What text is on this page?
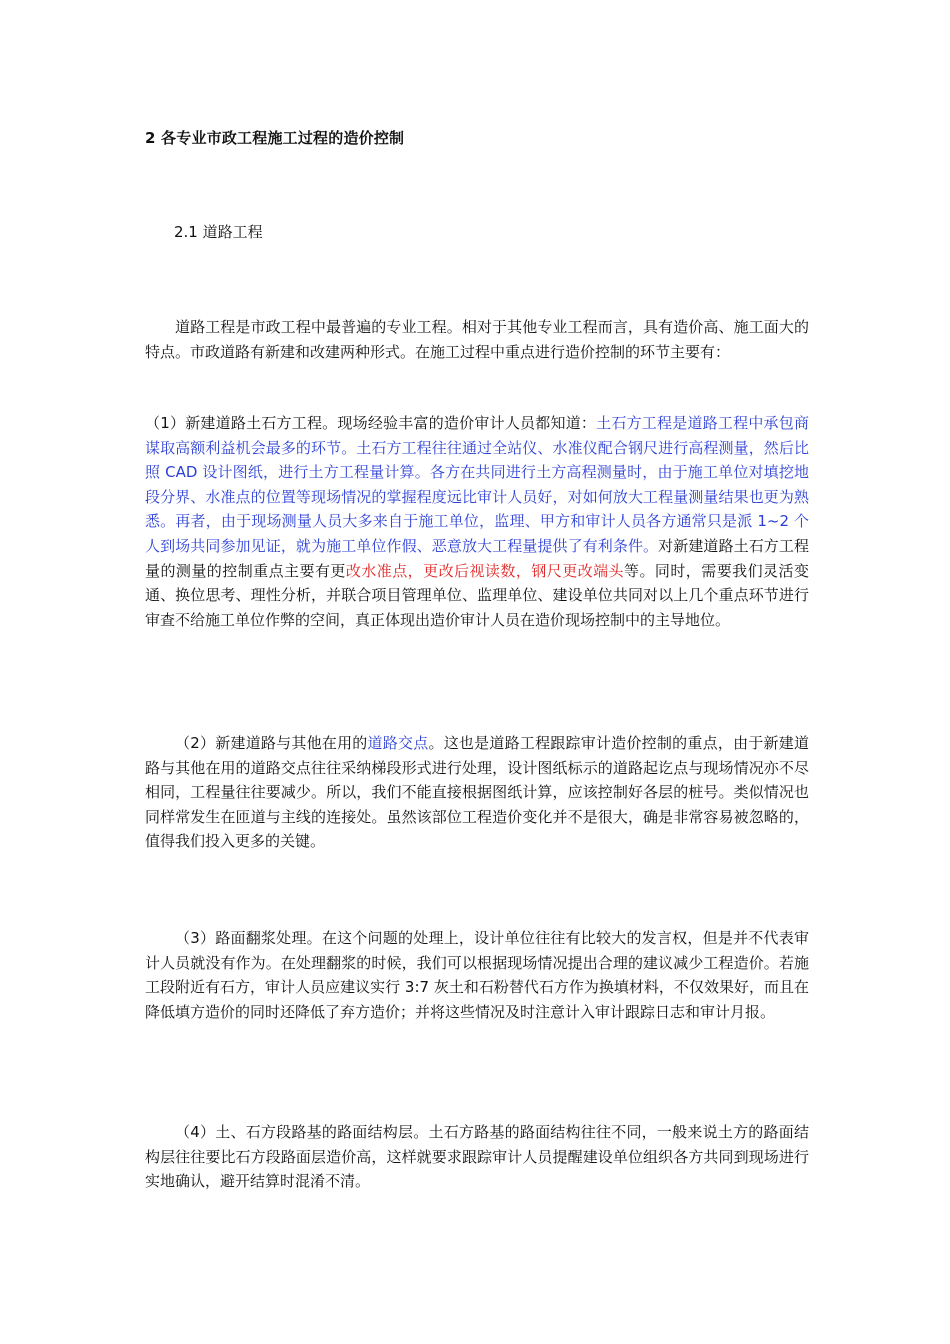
2 各专业市政工程施工过程的造价控制
2.1 道路工程

道路工程是市政工程中最普遍的专业工程。相对于其他专业工程而言，具有造价高、施工面大的特点。市政道路有新建和改建两种形式。在施工过程中重点进行造价控制的环节主要有：

（1）新建道路土石方工程。现场经验丰富的造价审计人员都知道：土石方工程是道路工程中承包商谋取高额利益机会最多的环节。土石方工程往往通过全站仪、水准仪配合钢尺进行高程测量，然后比照 CAD 设计图纸，进行土方工程量计算。各方在共同进行土方高程测量时，由于施工单位对填挖地段分界、水准点的位置等现场情况的掌握程度远比审计人员好，对如何放大工程量测量结果也更为熟悉。再者，由于现场测量人员大多来自于施工单位，监理、甲方和审计人员各方通常只是派 1~2 个人到场共同参加见证，就为施工单位作假、恶意放大工程量提供了有利条件。对新建道路土石方工程量的测量的控制重点主要有更改水准点，更改后视读数，钢尺更改端头等。同时，需要我们灵活变通、换位思考、理性分析，并联合项目管理单位、监理单位、建设单位共同对以上几个重点环节进行审查不给施工单位作弊的空间，真正体现出造价审计人员在造价现场控制中的主导地位。

（2）新建道路与其他在用的道路交点。这也是道路工程跟踪审计造价控制的重点，由于新建道路与其他在用的道路交点往往采纳梯段形式进行处理，设计图纸标示的道路起讫点与现场情况亦不尽相同，工程量往往要减少。所以，我们不能直接根据图纸计算，应该控制好各层的桩号。类似情况也同样常发生在匝道与主线的连接处。虽然该部位工程造价变化并不是很大，确是非常容易被忽略的，值得我们投入更多的关键。

（3）路面翻浆处理。在这个问题的处理上，设计单位往往有比较大的发言权，但是并不代表审计人员就没有作为。在处理翻浆的时候，我们可以根据现场情况提出合理的建议减少工程造价。若施工段附近有石方，审计人员应建议实行 3:7 灰土和石粉替代石方作为换填材料，不仅效果好，而且在降低填方造价的同时还降低了弃方造价；并将这些情况及时注意计入审计跟踪日志和审计月报。

（4）土、石方段路基的路面结构层。土石方路基的路面结构往往不同，一般来说土方的路面结构层往往要比石方段路面层造价高，这样就要求跟踪审计人员提醒建设单位组织各方共同到现场进行实地确认，避开结算时混淆不清。
